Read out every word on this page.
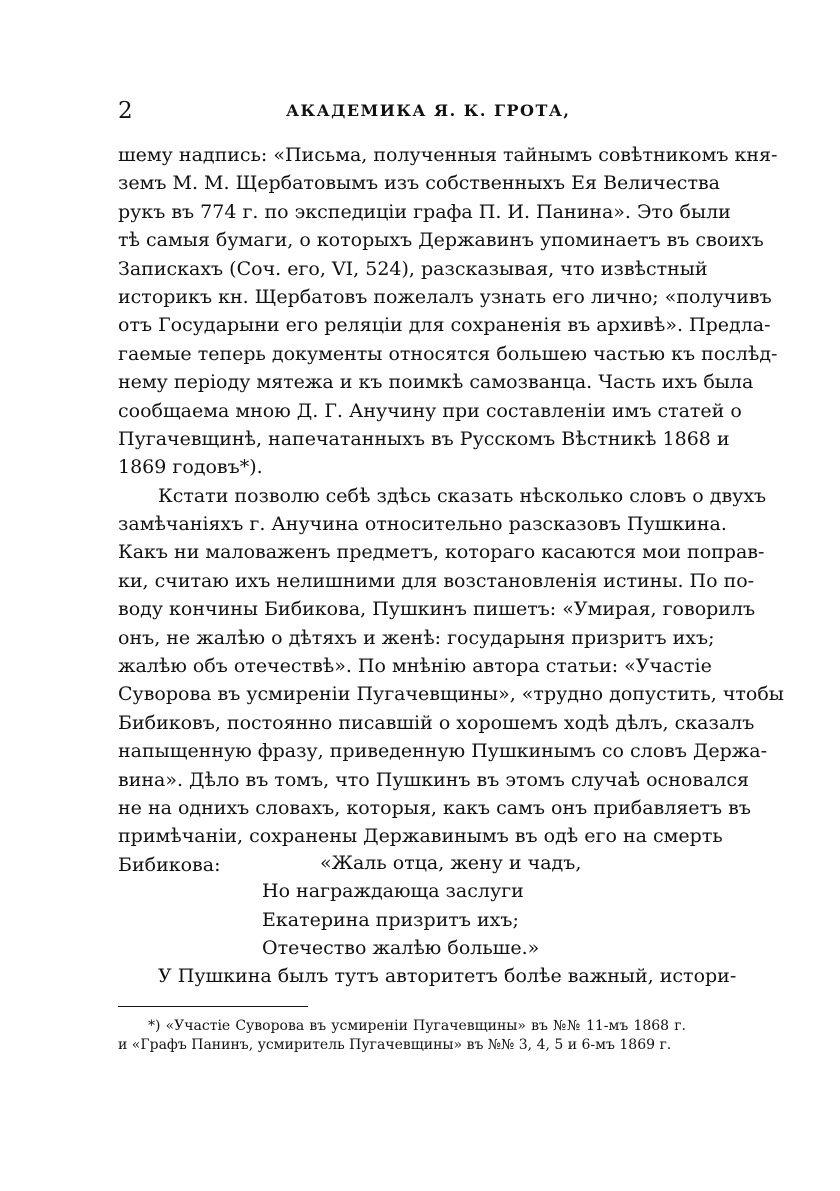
2	АКАДЕМИКА Я. К. ГРОТА,
шему надпись: «Письма, полученныя тайнымъ совѣтникомъ кня-
земъ М. М. Щербатовымъ изъ собственныхъ Ея Величества
рукъ въ 774 г. по экспедиціи графа П. И. Панина». Это были
тѣ самыя бумаги, о которыхъ Державинъ упоминаетъ въ своихъ
Запискахъ (Соч. его, VI, 524), разсказывая, что извѣстный
историкъ кн. Щербатовъ пожелалъ узнать его лично; «получивъ
отъ Государыни его реляціи для сохраненія въ архивѣ». Предла-
гаемые теперь документы относятся большею частью къ послѣд-
нему періоду мятежа и къ поимкѣ самозванца. Часть ихъ была
сообщаема мною Д. Г. Анучину при составленіи имъ статей о
Пугачевщинѣ, напечатанныхъ въ Русскомъ Вѣстникѣ 1868 и
1869 годовъ*).
Кстати позволю себѣ здѣсь сказать нѣсколько словъ о двухъ
замѣчаніяхъ г. Анучина относительно разсказовъ Пушкина.
Какъ ни маловаженъ предметъ, котораго касаются мои поправ-
ки, считаю ихъ нелишними для возстановленія истины. По по-
воду кончины Бибикова, Пушкинъ пишетъ: «Умирая, говорилъ
онъ, не жалѣю о дѣтяхъ и женѣ: государыня призритъ ихъ;
жалѣю объ отечествѣ». По мнѣнію автора статьи: «Участіе
Суворова въ усмиреніи Пугачевщины», «трудно допустить, чтобы
Бибиковъ, постоянно писавшій о хорошемъ ходѣ дѣлъ, сказалъ
напыщенную фразу, приведенную Пушкинымъ со словъ Держа-
вина». Дѣло въ томъ, что Пушкинъ въ этомъ случаѣ основался
не на однихъ словахъ, которыя, какъ самъ онъ прибавляетъ въ
примѣчаніи, сохранены Державинымъ въ одѣ его на смерть
Бибикова:	«Жаль отца, жену и чадъ,
Но награждающа заслуги
Екатерина призритъ ихъ;
Отечество жалѣю больше.»
У Пушкина былъ тутъ авторитетъ болѣе важный, истори-
*) «Участіе Суворова въ усмиреніи Пугачевщины» въ №№ 11-мъ 1868 г.
и «Графъ Панинъ, усмиритель Пугачевщины» въ №№ 3, 4, 5 и 6-мъ 1869 г.
